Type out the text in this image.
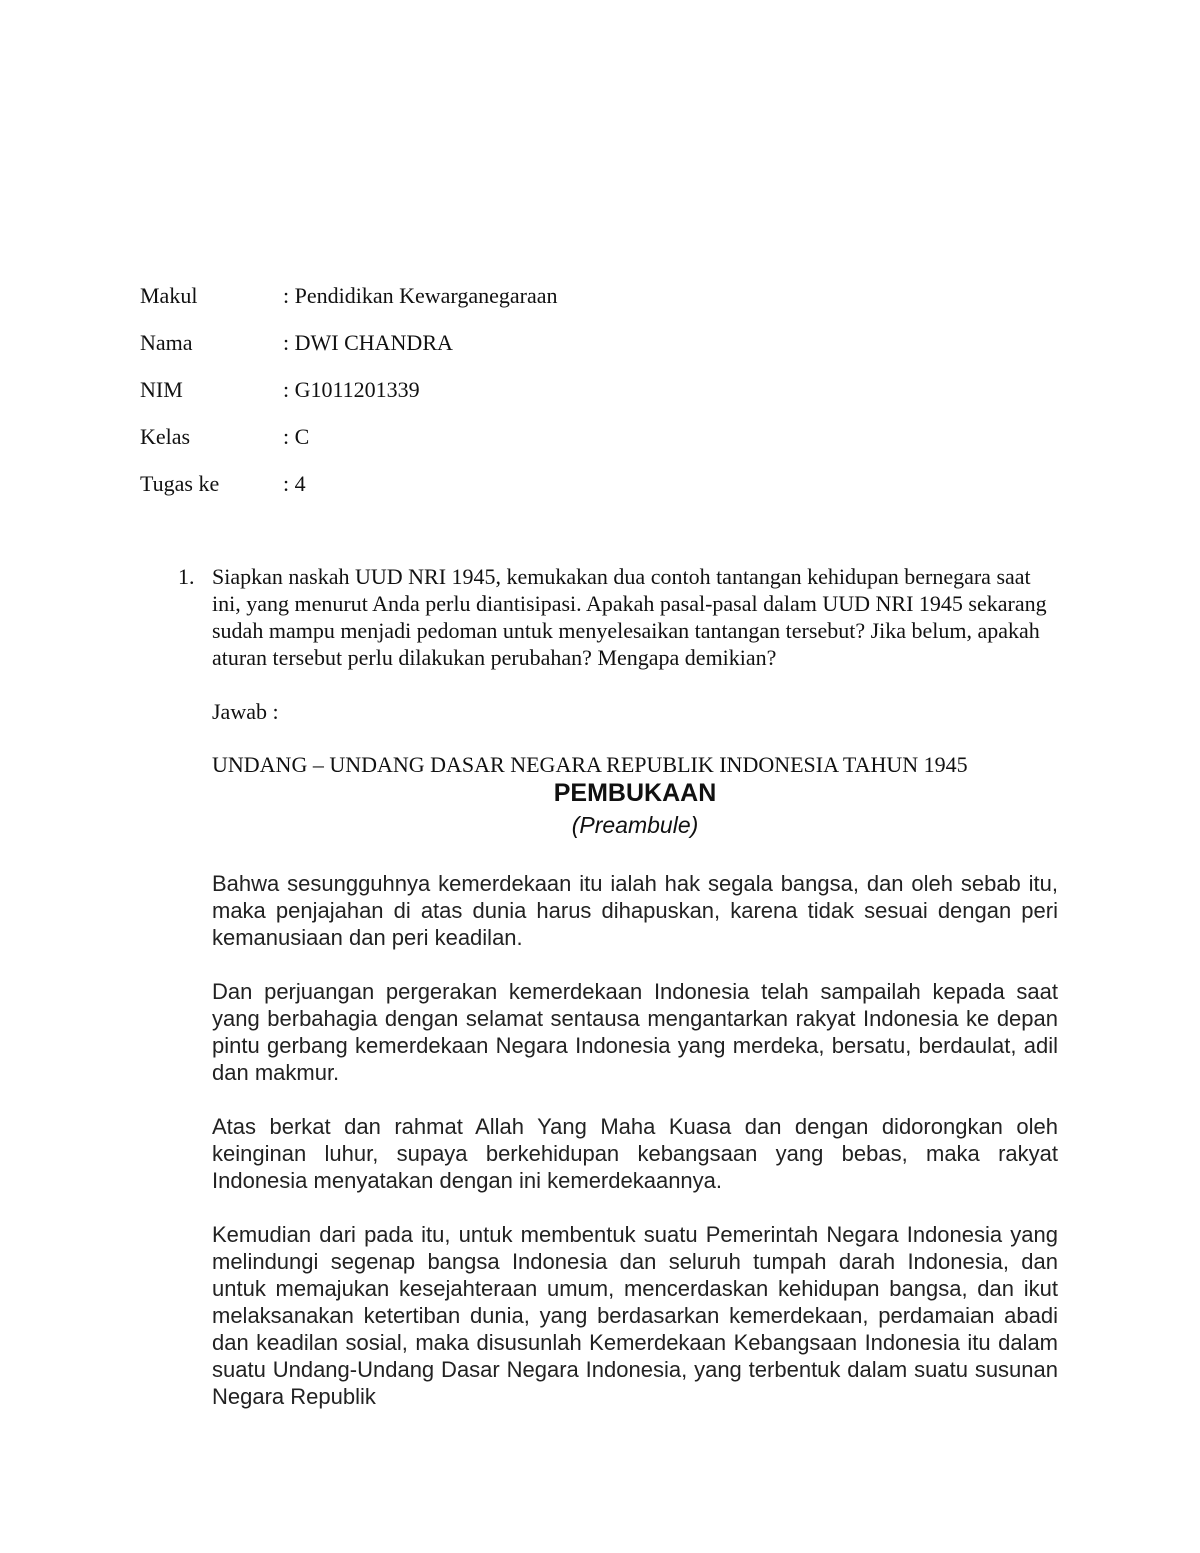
Makul	: Pendidikan Kewarganegaraan
Nama	: DWI CHANDRA
NIM	: G1011201339
Kelas	: C
Tugas ke	: 4
1. Siapkan naskah UUD NRI 1945, kemukakan dua contoh tantangan kehidupan bernegara saat ini, yang menurut Anda perlu diantisipasi. Apakah pasal-pasal dalam UUD NRI 1945 sekarang sudah mampu menjadi pedoman untuk menyelesaikan tantangan tersebut? Jika belum, apakah aturan tersebut perlu dilakukan perubahan? Mengapa demikian?
Jawab :
UNDANG – UNDANG DASAR NEGARA REPUBLIK INDONESIA TAHUN 1945
PEMBUKAAN
(Preambule)

Bahwa sesungguhnya kemerdekaan itu ialah hak segala bangsa, dan oleh sebab itu, maka penjajahan di atas dunia harus dihapuskan, karena tidak sesuai dengan peri kemanusiaan dan peri keadilan.

Dan perjuangan pergerakan kemerdekaan Indonesia telah sampailah kepada saat yang berbahagia dengan selamat sentausa mengantarkan rakyat Indonesia ke depan pintu gerbang kemerdekaan Negara Indonesia yang merdeka, bersatu, berdaulat, adil dan makmur.

Atas berkat dan rahmat Allah Yang Maha Kuasa dan dengan didorongkan oleh keinginan luhur, supaya berkehidupan kebangsaan yang bebas, maka rakyat Indonesia menyatakan dengan ini kemerdekaannya.

Kemudian dari pada itu, untuk membentuk suatu Pemerintah Negara Indonesia yang melindungi segenap bangsa Indonesia dan seluruh tumpah darah Indonesia, dan untuk memajukan kesejahteraan umum, mencerdaskan kehidupan bangsa, dan ikut melaksanakan ketertiban dunia, yang berdasarkan kemerdekaan, perdamaian abadi dan keadilan sosial, maka disusunlah Kemerdekaan Kebangsaan Indonesia itu dalam suatu Undang-Undang Dasar Negara Indonesia, yang terbentuk dalam suatu susunan Negara Republik
